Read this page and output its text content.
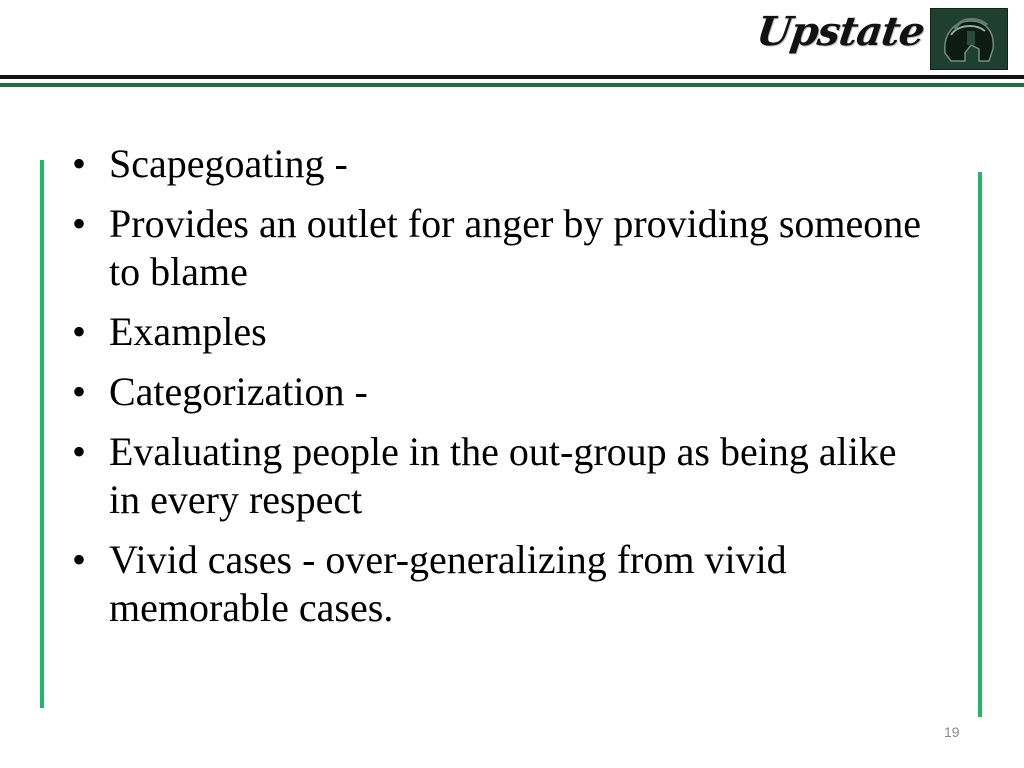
Upstate
• Scapegoating -
• Provides an outlet for anger by providing someone to blame
• Examples
• Categorization -
• Evaluating people in the out-group as being alike in every respect
• Vivid cases - over-generalizing from vivid memorable cases.
19
